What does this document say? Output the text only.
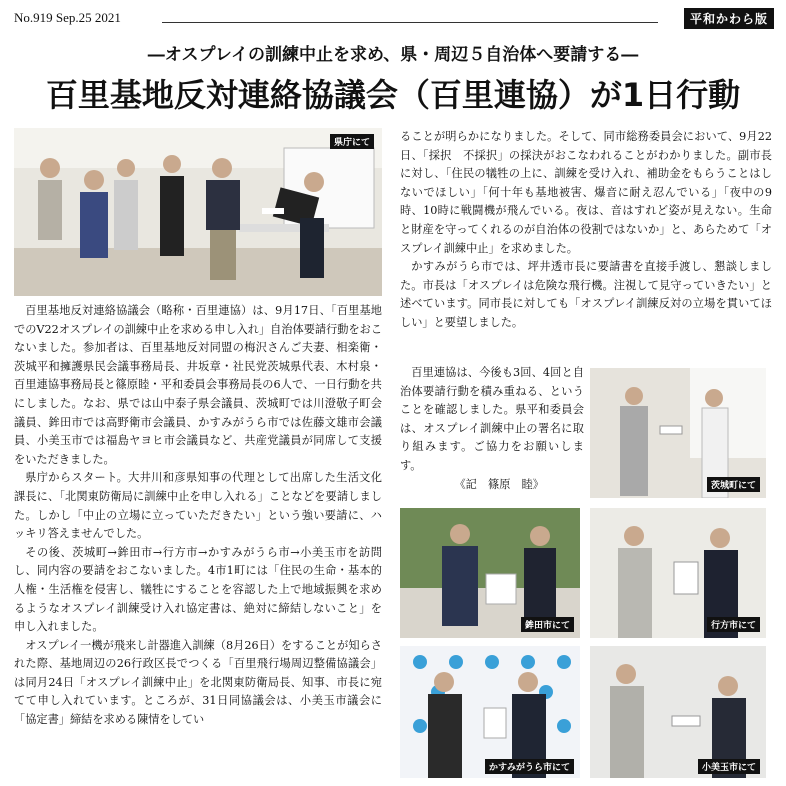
No.919 Sep.25 2021	平和かわら版
―オスプレイの訓練中止を求め、県・周辺５自治体へ要請する―
百里基地反対連絡協議会（百里連協）が1日行動
県庁にて

百里基地反対連絡協議会（略称・百里連協）は、9月17日、「百里基地でのV22オスプレイの訓練中止を求める申し入れ」自治体要請行動をおこないました。参加者は、百里基地反対同盟の梅沢さんご夫妻、相楽衛・茨城平和擁護県民会議事務局長、井坂章・社民党茨城県代表、木村泉・百里連協事務局長と篠原睦・平和委員会事務局長の6人で、一日行動を共にしました。なお、県では山中泰子県会議員、茨城町では川澄敬子町会議員、鉾田市では高野衛市会議員、かすみがうら市では佐藤文雄市会議員、小美玉市では福島ヤヨヒ市会議員など、共産党議員が同席して支援をいただきました。

県庁からスタート。大井川和彦県知事の代理として出席した生活文化課長に、「北関東防衛局に訓練中止を申し入れる」ことなどを要請しました。しかし「中止の立場に立っていただきたい」という強い要請に、ハッキリ答えませんでした。

その後、茨城町→鉾田市→行方市→かすみがうら市→小美玉市を訪問し、同内容の要請をおこないました。4市1町には「住民の生命・基本的人権・生活権を侵害し、犠牲にすることを容認した上で地域振興を求めるようなオスプレイ訓練受け入れ協定書は、絶対に締結しないこと」を申し入れました。

オスプレイ一機が飛来し計器進入訓練（8月26日）をすることが知らされた際、基地周辺の26行政区長でつくる「百里飛行場周辺整備協議会」は同月24日「オスプレイ訓練中止」を北関東防衛局長、知事、市長に宛てて申し入れています。ところが、31日同協議会は、小美玉市議会に「協定書」締結を求める陳情をしてい

ることが明らかになりました。そして、同市総務委員会において、9月22日、「採択　不採択」の採決がおこなわれることがわかりました。副市長に対し、「住民の犠牲の上に、訓練を受け入れ、補助金をもらうことはしないでほしい」「何十年も基地被害、爆音に耐え忍んでいる」「夜中の9時、10時に戦闘機が飛んでいる。夜は、音はすれど姿が見えない。生命と財産を守ってくれるのが自治体の役割ではないか」と、あらためて「オスプレイ訓練中止」を求めました。

かすみがうら市では、坪井透市長に要請書を直接手渡し、懇談しました。市長は「オスプレイは危険な飛行機。注視して見守っていきたい」と述べています。同市長に対しても「オスプレイ訓練反対の立場を貫いてほしい」と要望しました。

百里連協は、今後も3回、4回と自治体要請行動を積み重ねる、ということを確認しました。県平和委員会は、オスプレイ訓練中止の署名に取り組みます。ご協力をお願いします。

《記　篠原　睦》	茨城町にて
鉾田市にて	行方市にて
かすみがうら市にて	小美玉市にて
